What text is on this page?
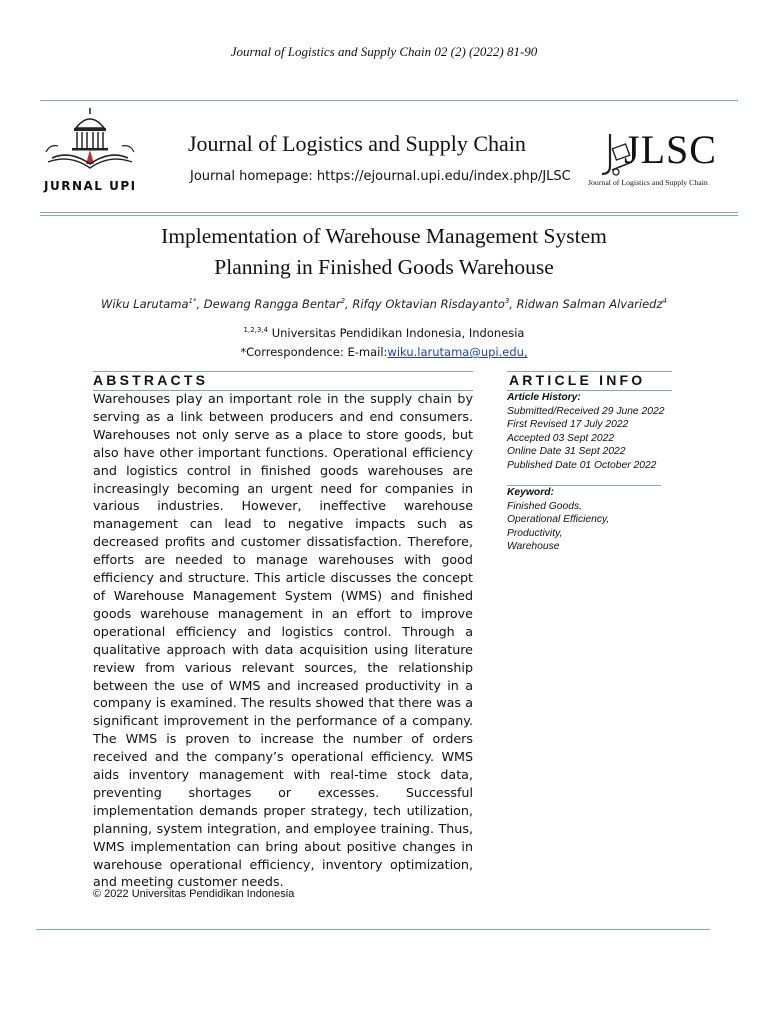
Journal of Logistics and Supply Chain 02 (2) (2022) 81-90
JURNAL UPI
Journal of Logistics and Supply Chain
Journal homepage: https://ejournal.upi.edu/index.php/JLSC
JLSC
Journal of Logistics and Supply Chain
Implementation of Warehouse Management System
Planning in Finished Goods Warehouse
Wiku Larutama$^{1*}$, Dewang Rangga Bentar$^2$, Rifqy Oktavian Risdayanto$^3$, Ridwan Salman Alvariedz$^4$
$^{1,2,3,4}$ Universitas Pendidikan Indonesia, Indonesia
*Correspondence: E-mail:wiku.larutama@upi.edu,
ABSTRACTS
Warehouses play an important role in the supply chain by serving as a link between producers and end consumers. Warehouses not only serve as a place to store goods, but also have other important functions. Operational efficiency and logistics control in finished goods warehouses are increasingly becoming an urgent need for companies in various industries. However, ineffective warehouse management can lead to negative impacts such as decreased profits and customer dissatisfaction. Therefore, efforts are needed to manage warehouses with good efficiency and structure. This article discusses the concept of Warehouse Management System (WMS) and finished goods warehouse management in an effort to improve operational efficiency and logistics control. Through a qualitative approach with data acquisition using literature review from various relevant sources, the relationship between the use of WMS and increased productivity in a company is examined. The results showed that there was a significant improvement in the performance of a company. The WMS is proven to increase the number of orders received and the company’s operational efficiency. WMS aids inventory management with real-time stock data, preventing shortages or excesses. Successful implementation demands proper strategy, tech utilization, planning, system integration, and employee training. Thus, WMS implementation can bring about positive changes in warehouse operational efficiency, inventory optimization, and meeting customer needs.
ARTICLE INFO
Article History:
Submitted/Received 29 June 2022
First Revised 17 July 2022
Accepted 03 Sept 2022
Online Date 31 Sept 2022
Published Date 01 October 2022
Keyword:
Finished Goods,
Operational Efficiency,
Productivity,
Warehouse
© 2022 Universitas Pendidikan Indonesia
